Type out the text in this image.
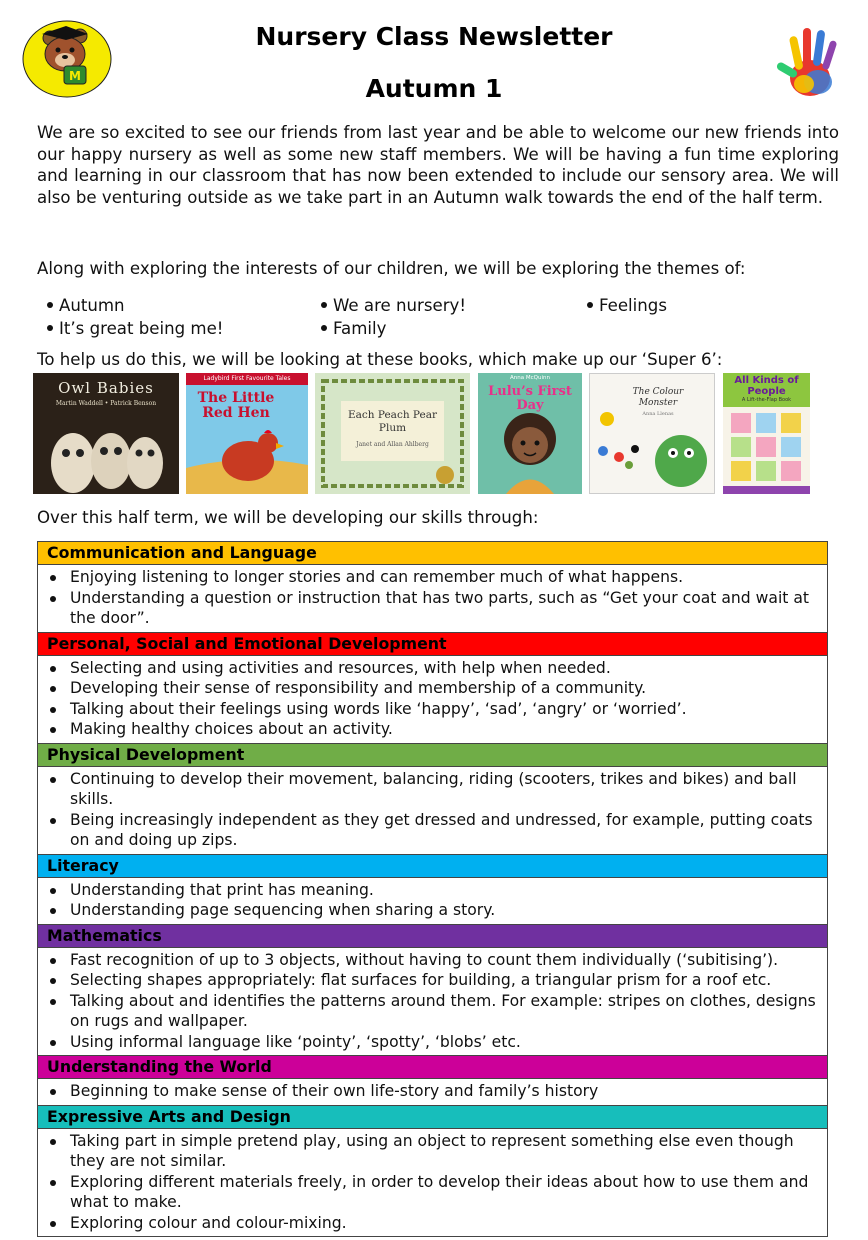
M
Nursery Class Newsletter
Autumn 1

We are so excited to see our friends from last year and be able to welcome our new friends into our happy nursery as well as some new staff members. We will be having a fun time exploring and learning in our classroom that has now been extended to include our sensory area. We will also be venturing outside as we take part in an Autumn walk towards the end of the half term.

Along with exploring the interests of our children, we will be exploring the themes of:

Autumn	We are nursery!	Feelings
It’s great being me!	Family

To help us do this, we will be looking at these books, which make up our ‘Super 6’:

Owl Babies
Martin Waddell • Patrick Benson
Ladybird First Favourite Tales
The Little Red Hen	Each Peach Pear Plum
Janet and Allan Ahlberg
Anna McQuinn
Lulu’s First Day
The Colour Monster
Anna Llenas
All Kinds of People
A Lift-the-Flap Book

Over this half term, we will be developing our skills through:

Communication and Language
Enjoying listening to longer stories and can remember much of what happens.
Understanding a question or instruction that has two parts, such as “Get your coat and wait at the door”.
Personal, Social and Emotional Development
Selecting and using activities and resources, with help when needed.
Developing their sense of responsibility and membership of a community.
Talking about their feelings using words like ‘happy’, ‘sad’, ‘angry’ or ‘worried’.
Making healthy choices about an activity.
Physical Development
Continuing to develop their movement, balancing, riding (scooters, trikes and bikes) and ball skills.
Being increasingly independent as they get dressed and undressed, for example, putting coats on and doing up zips.
Literacy
Understanding that print has meaning.
Understanding page sequencing when sharing a story.
Mathematics
Fast recognition of up to 3 objects, without having to count them individually (‘subitising’).
Selecting shapes appropriately: flat surfaces for building, a triangular prism for a roof etc.
Talking about and identifies the patterns around them. For example: stripes on clothes, designs on rugs and wallpaper.
Using informal language like ‘pointy’, ‘spotty’, ‘blobs’ etc.
Understanding the World
Beginning to make sense of their own life-story and family’s history
Expressive Arts and Design
Taking part in simple pretend play, using an object to represent something else even though they are not similar.
Exploring different materials freely, in order to develop their ideas about how to use them and what to make.
Exploring colour and colour-mixing.
